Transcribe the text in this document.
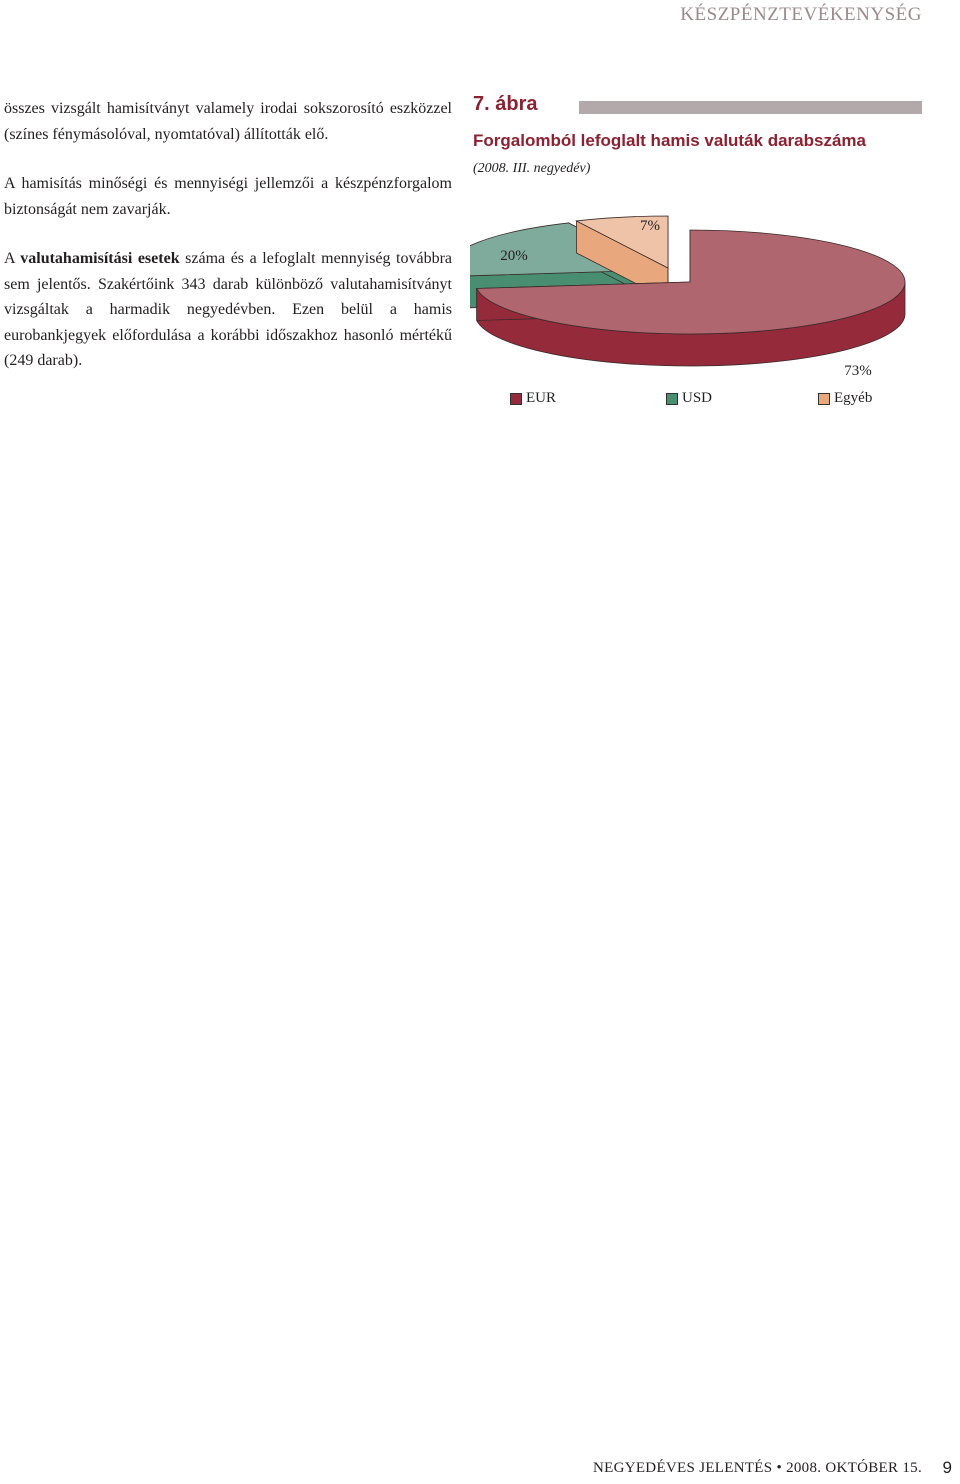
KÉSZPÉNZTEVÉKENYSÉG

összes vizsgált hamisítványt valamely irodai sokszorosító eszközzel (színes fénymásolóval, nyomtatóval) állították elő.

A hamisítás minőségi és mennyiségi jellemzői a készpénzforgalom biztonságát nem zavarják.

A valutahamisítási esetek száma és a lefoglalt mennyiség továbbra sem jelentős. Szakértőink 343 darab különböző valutahamisítványt vizsgáltak a harmadik negyedévben. Ezen belül a hamis eurobankjegyek előfordulása a korábbi időszakhoz hasonló mértékű (249 darab).

7. ábra
Forgalomból lefoglalt hamis valuták darabszáma
(2008. III. negyedév)
73%
20%
7%
EUR	USD	Egyéb
NEGYEDÉVES JELENTÉS • 2008. OKTÓBER 15. 9
